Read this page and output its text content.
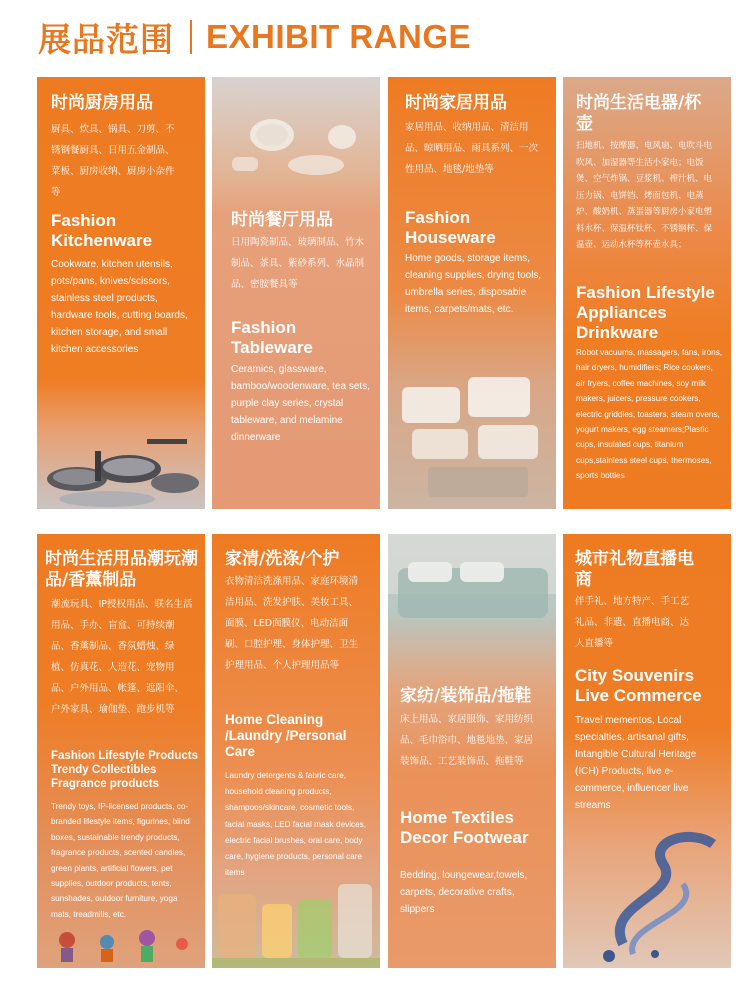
展品范围 EXHIBIT RANGE
时尚厨房用品
厨具、炊具、锅具、刀剪、不锈钢餐厨具、日用五金制品、菜板、厨房收纳、厨房小杂件等
Fashion Kitchenware
Cookware, kitchen utensils, pots/pans, knives/scissors, stainless steel products, hardware tools, cutting boards, kitchen storage, and small kitchen accessories
时尚餐厅用品
日用陶瓷制品、玻璃制品、竹木制品、茶具、紫砂系列、水晶制品、密胺餐具等
Fashion Tableware
Ceramics, glassware, bamboo/woodenware, tea sets, purple clay series, crystal tableware, and melamine dinnerware
时尚家居用品
家居用品、收纳用品、清洁用品、晾晒用品、雨具系列、一次性用品、地毯/地垫等
Fashion Houseware
Home goods, storage items, cleaning supplies, drying tools, umbrella series, disposable items, carpets/mats, etc.
时尚生活电器/杯壶
扫地机、按摩器、电风扇、电吹斗电吹风、加湿器等生活小家电；电饭煲、空气炸锅、豆浆机、榨汁机、电压力锅、电饼铛、烤面包机、电蒸炉、酸奶机、蒸蛋器等厨房小家电塑料水杯、保温杯钛杯、不锈钢杯、保温壶、运动水杯等杯壶水具；
Fashion Lifestyle Appliances Drinkware
Robot vacuums, massagers, fans, irons, hair dryers, humidifiers; Rice cookers, air fryers, coffee machines, soy milk makers, juicers, pressure cookers, electric griddles, toasters, steam ovens, yogurt makers, egg steamers;Plastic cups, insulated cups, titanium cups,stainless steel cups, thermoses, sports bottles
时尚生活用品潮玩潮品/香薰制品
潮流玩具、IP授权用品、联名生活用品、手办、盲盒、可持续潮品、香薰制品、香氛蜡烛、绿植、仿真花、人造花、宠物用品、户外用品、帐篷、遮阳伞、户外家具、瑜伽垫、跑步机等
Fashion Lifestyle Products Trendy Collectibles Fragrance products
Trendy toys, IP-licensed products, co-branded lifestyle items, figurines, blind boxes, sustainable trendy products, fragrance products, scented candles, green plants, artificial flowers, pet supplies, outdoor products, tents, sunshades, outdoor furniture, yoga mats, treadmills, etc.
家清/洗涤/个护
衣物清洁洗涤用品、家庭环境清洁用品、洗发护肤、美妆工具、面膜、LED面膜仪、电动洁面刷、口腔护理、身体护理、卫生护理用品、个人护理用品等
Home Cleaning /Laundry /Personal Care
Laundry detergents & fabric care, household cleaning products, shampoos/skincare, cosmetic tools, facial masks, LED facial mask devices, electric facial brushes, oral care, body care, hygiene products, personal care items
家纺/装饰品/拖鞋
床上用品、家居服饰、家用纺织品、毛巾浴巾、地毯地垫、家居装饰品、工艺装饰品、拖鞋等
Home Textiles Decor Footwear
Bedding, loungewear,towels, carpets, decorative crafts, slippers
城市礼物直播电商
伴手礼、地方特产、手工艺礼品、非遗、直播电商、达人直播等
City Souvenirs Live Commerce
Travel mementos, Local specialties, artisanal gifts, Intangible Cultural Heritage (ICH) Products, live e-commerce, influencer live streams
